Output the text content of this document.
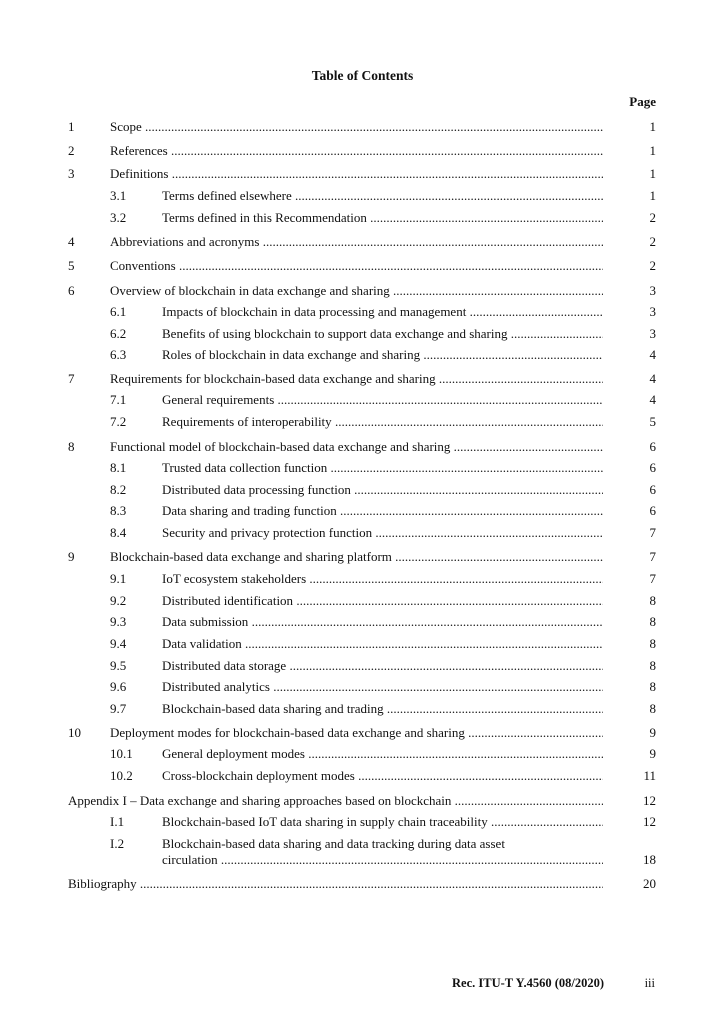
Table of Contents
Page
1	Scope .....	1
2	References .....	1
3	Definitions .....	1
3.1	Terms defined elsewhere .....	1
3.2	Terms defined in this Recommendation .....	2
4	Abbreviations and acronyms .....	2
5	Conventions .....	2
6	Overview of blockchain in data exchange and sharing .....	3
6.1	Impacts of blockchain in data processing and management .....	3
6.2	Benefits of using blockchain to support data exchange and sharing .....	3
6.3	Roles of blockchain in data exchange and sharing .....	4
7	Requirements for blockchain-based data exchange and sharing .....	4
7.1	General requirements .....	4
7.2	Requirements of interoperability .....	5
8	Functional model of blockchain-based data exchange and sharing .....	6
8.1	Trusted data collection function .....	6
8.2	Distributed data processing function .....	6
8.3	Data sharing and trading function .....	6
8.4	Security and privacy protection function .....	7
9	Blockchain-based data exchange and sharing platform .....	7
9.1	IoT ecosystem stakeholders .....	7
9.2	Distributed identification .....	8
9.3	Data submission .....	8
9.4	Data validation .....	8
9.5	Distributed data storage .....	8
9.6	Distributed analytics .....	8
9.7	Blockchain-based data sharing and trading .....	8
10 Deployment modes for blockchain-based data exchange and sharing .....	9
10.1 General deployment modes .....	9
10.2 Cross-blockchain deployment modes .....	11
Appendix I – Data exchange and sharing approaches based on blockchain .....	12
I.1	Blockchain-based IoT data sharing in supply chain traceability .....	12
I.2	Blockchain-based data sharing and data tracking during data asset
circulation .....	18
Bibliography .....	20
Rec. ITU-T Y.4560 (08/2020)	iii
